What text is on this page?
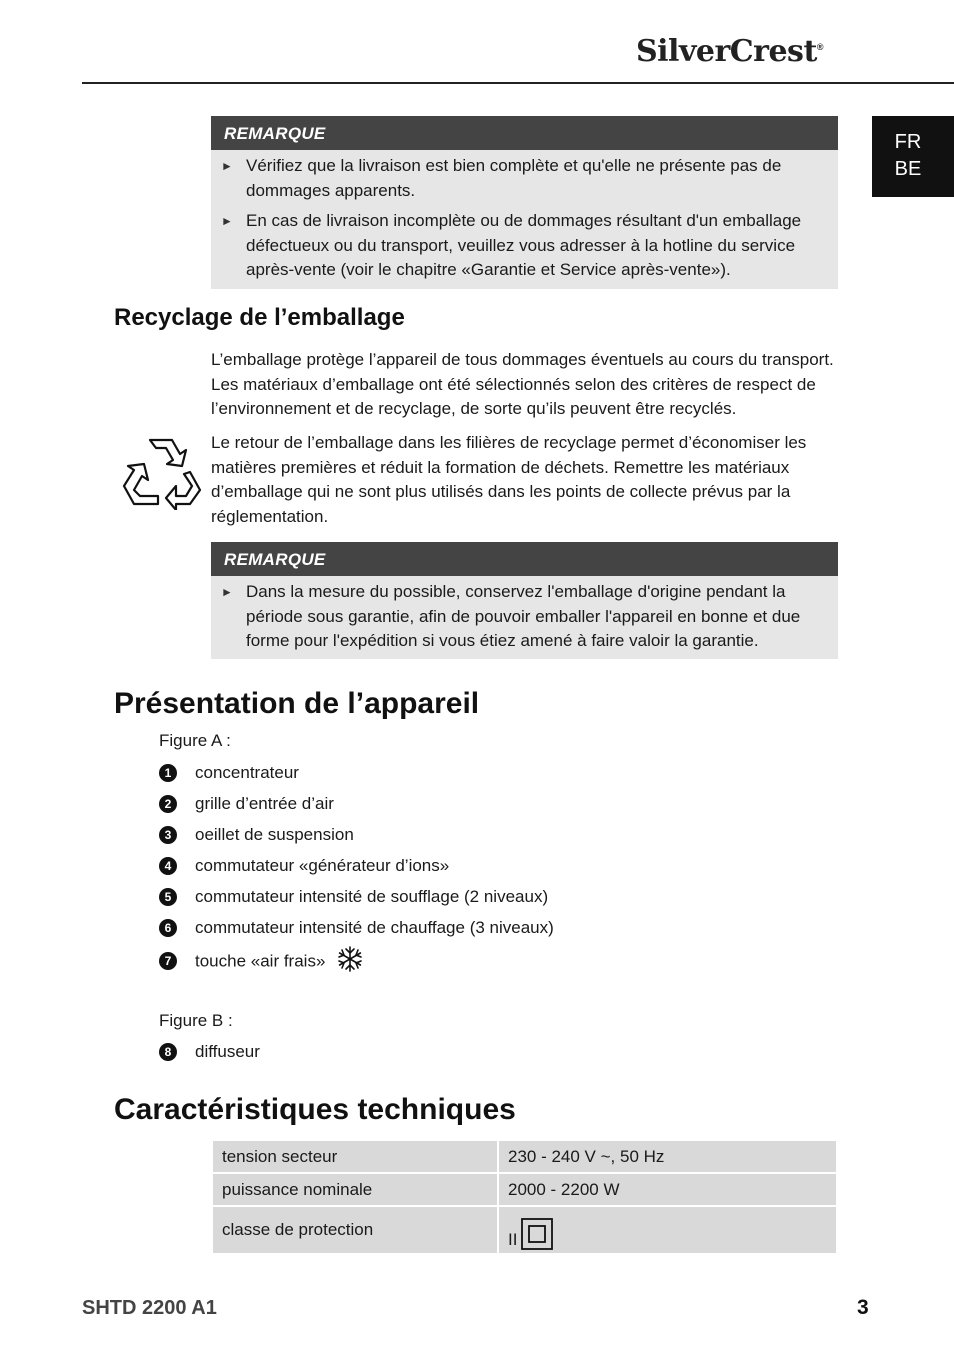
SilverCrest®
FR
BE
REMARQUE
► Vérifiez que la livraison est bien complète et qu'elle ne présente pas de dommages apparents.
► En cas de livraison incomplète ou de dommages résultant d'un emballage défectueux ou du transport, veuillez vous adresser à la hotline du service après-vente (voir le chapitre «Garantie et Service après-vente»).
Recyclage de l’emballage

L’emballage protège l’appareil de tous dommages éventuels au cours du transport. Les matériaux d’emballage ont été sélectionnés selon des critères de respect de l’environnement et de recyclage, de sorte qu’ils peuvent être recyclés.

Le retour de l’emballage dans les filières de recyclage permet d’économiser les matières premières et réduit la formation de déchets. Remettre les matériaux d’emballage qui ne sont plus utilisés dans les points de collecte prévus par la réglementation.

REMARQUE
► Dans la mesure du possible, conservez l'emballage d'origine pendant la période sous garantie, afin de pouvoir emballer l'appareil en bonne et due forme pour l'expédition si vous étiez amené à faire valoir la garantie.
Présentation de l’appareil
Figure A :
1 concentrateur
2 grille d’entrée d’air
3 oeillet de suspension
4 commutateur «générateur d’ions»
5 commutateur intensité de soufflage (2 niveaux)
6 commutateur intensité de chauffage (3 niveaux)
7 touche «air frais»
Figure B :
8 diffuseur
Caractéristiques techniques
tension secteur	230 - 240 V ~, 50 Hz
puissance nominale	2000 - 2200 W
classe de protection	II
SHTD 2200 A1	3
